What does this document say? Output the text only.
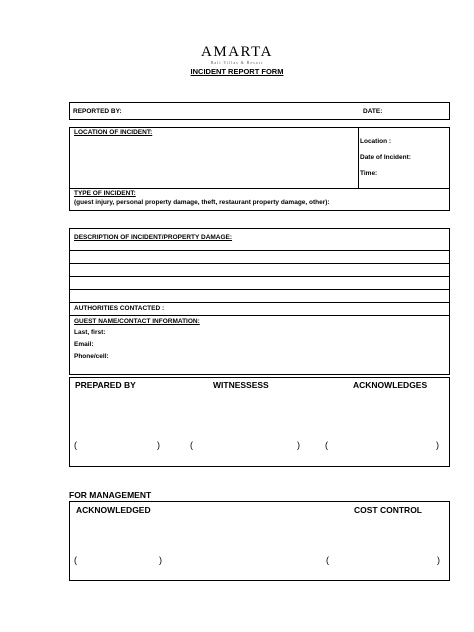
AMARTA
Bali Villas & Resort
INCIDENT REPORT FORM
REPORTED BY:	DATE:
LOCATION OF INCIDENT:
Location :
Date of Incident:
Time:
TYPE OF INCIDENT:
(guest injury, personal property damage, theft, restaurant property damage, other):
DESCRIPTION OF INCIDENT/PROPERTY DAMAGE:
AUTHORITIES CONTACTED :
GUEST NAME/CONTACT INFORMATION:
Last, first:
Email:
Phone/cell:
PREPARED BY	WITNESSESS	ACKNOWLEDGES
(	)	(	)	(	)
FOR MANAGEMENT
ACKNOWLEDGED	COST CONTROL
(	)	(	)
